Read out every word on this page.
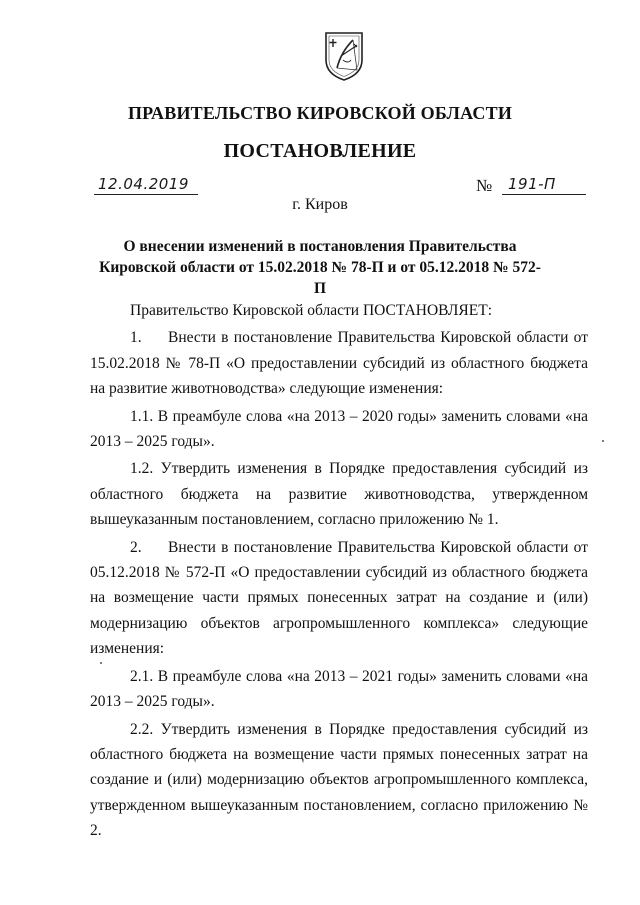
ПРАВИТЕЛЬСТВО КИРОВСКОЙ ОБЛАСТИ
ПОСТАНОВЛЕНИЕ
12.04.2019	№ 191-П
г. Киров
О внесении изменений в постановления Правительства
Кировской области от 15.02.2018 № 78-П и от 05.12.2018 № 572-П

Правительство Кировской области ПОСТАНОВЛЯЕТ:

1.     Внести в постановление Правительства Кировской области от 15.02.2018 № 78-П «О предоставлении субсидий из областного бюджета на развитие животноводства» следующие изменения:

1.1. В преамбуле слова «на 2013 – 2020 годы» заменить словами «на 2013 – 2025 годы».

1.2. Утвердить изменения в Порядке предоставления субсидий из областного бюджета на развитие животноводства, утвержденном вышеуказанным постановлением, согласно приложению № 1.

2.     Внести в постановление Правительства Кировской области от 05.12.2018 № 572-П «О предоставлении субсидий из областного бюджета на возмещение части прямых понесенных затрат на создание и (или) модернизацию объектов агропромышленного комплекса» следующие изменения:

2.1. В преамбуле слова «на 2013 – 2021 годы» заменить словами «на 2013 – 2025 годы».

2.2. Утвердить изменения в Порядке предоставления субсидий из областного бюджета на возмещение части прямых понесенных затрат на создание и (или) модернизацию объектов агропромышленного комплекса, утвержденном вышеуказанным постановлением, согласно приложению № 2.
